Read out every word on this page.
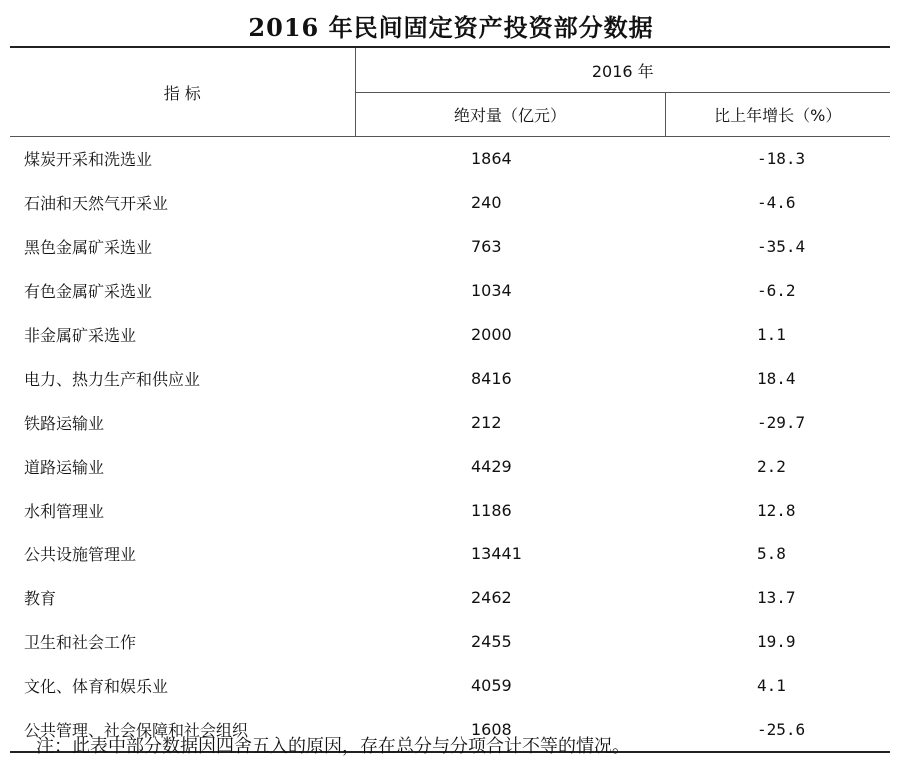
2016 年民间固定资产投资部分数据
指 标	2016 年	
	绝对量（亿元）	比上年增长（%）
煤炭开采和洗选业	1864	-18.3
石油和天然气开采业	240	-4.6
黑色金属矿采选业	763	-35.4
有色金属矿采选业	1034	-6.2
非金属矿采选业	2000	1.1
电力、热力生产和供应业	8416	18.4
铁路运输业	212	-29.7
道路运输业	4429	2.2
水利管理业	1186	12.8
公共设施管理业	13441	5.8
教育	2462	13.7
卫生和社会工作	2455	19.9
文化、体育和娱乐业	4059	4.1
公共管理、社会保障和社会组织	1608	-25.6
注：此表中部分数据因四舍五入的原因，存在总分与分项合计不等的情况。
